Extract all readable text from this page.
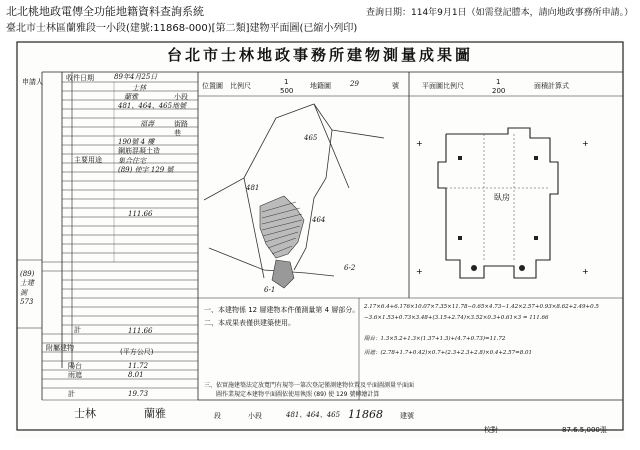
北北桃地政電傳全功能地籍資料查詢系統	查詢日期：114年9月1日（如需登記謄本，請向地政事務所申請。）
臺北市士林區蘭雅段一小段(建號:11868-000)[第二類]建物平面圖(已縮小列印)
+	+
+	+
台北市士林地政事務所建物測量成果圖
申請人	收件日期	89年4月25日
士林
蘭雅	小段
481、464、465地號
福壽	街路
巷
190號 4 樓
鋼筋混凝土造
集合住宅
(89) 使字 129 號
主要用途
111.66
計	111.66
附屬建物	(平方公尺)
陽台	11.72
雨遮	8.01
計	19.73
(89) 士建測 573
位置圖 比例尺	1
500
地籍圖	29	號	平面圖比例尺	1
200
面積計算式
481
465
464
6-2
6-1
臥房
一、本建物係 12 層建物本件僅測量第 4 層部分。
二、本成果表僅供建築使用。
三、依實施建築法定放寬門有規等一第次登記僅測建物位置及平面圖測量平面面
　　圖作業規定本建物平面圖依使用執照 (89) 使 129 號轉繪計算
2.17×6.4+6.176×10.07×7.35×11.78−0.65×4.73−1.42×2.57+0.93×8.62+2.49+0.5
−3.6×1.53+0.73×3.48+(3.15+2.74)×3.52×0.3+0.61×3 = 111.66
陽台：1.3×5.2+1.3×(1.37+1.3)+(4.7+0.73)=11.72
雨遮：(2.78+1.7+0.42)×0.7+(2.3+2.3+2.8)×0.4+2.57=8.01
士林	蘭雅	段	小段	481、464、465 11868 建號
校對	87.6.5,000張
